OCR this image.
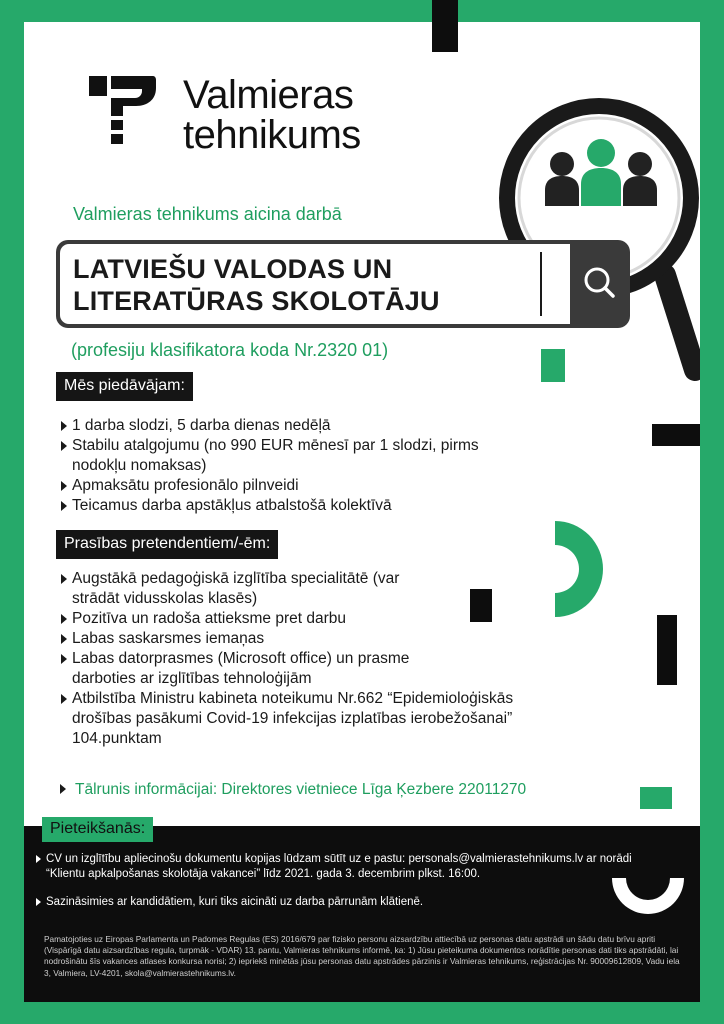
Valmieras
tehnikums
Valmieras tehnikums aicina darbā
LATVIEŠU VALODAS UN
LITERATŪRAS SKOLOTĀJU
(profesiju klasifikatora koda Nr.2320 01)
Mēs piedāvājam:
1 darba slodzi, 5 darba dienas nedēļā
Stabilu atalgojumu (no 990 EUR mēnesī par 1 slodzi, pirms nodokļu nomaksas)
Apmaksātu profesionālo pilnveidi
Teicamus darba apstākļus atbalstošā kolektīvā
Prasības pretendentiem/-ēm:
Augstākā pedagoģiskā izglītība specialitātē (var strādāt vidusskolas klasēs)
Pozitīva un radoša attieksme pret darbu
Labas saskarsmes iemaņas
Labas datorprasmes (Microsoft office) un prasme darboties ar izglītības tehnoloģijām
Atbilstība Ministru kabineta noteikumu Nr.662 “Epidemioloģiskās drošības pasākumi Covid-19 infekcijas izplatības ierobežošanai” 104.punktam
Tālrunis informācijai: Direktores vietniece Līga Ķezbere 22011270
Pieteikšanās:
CV un izglītību apliecinošu dokumentu kopijas lūdzam sūtīt uz e pastu: personals@valmierastehnikums.lv ar norādi “Klientu apkalpošanas skolotāja vakancei” līdz 2021. gada 3. decembrim plkst. 16:00.
Sazināsimies ar kandidātiem, kuri tiks aicināti uz darba pārrunām klātienē.
Pamatojoties uz Eiropas Parlamenta un Padomes Regulas (ES) 2016/679 par fizisko personu aizsardzību attiecībā uz personas datu apstrādi un šādu datu brīvu apriti (Vispārīgā datu aizsardzības regula, turpmāk - VDAR) 13. pantu, Valmieras tehnikums informē, ka: 1) Jūsu pieteikuma dokumentos norādītie personas dati tiks apstrādāti, lai nodrošinātu šīs vakances atlases konkursa norisi; 2) iepriekš minētās jūsu personas datu apstrādes pārzinis ir Valmieras tehnikums, reģistrācijas Nr. 90009612809, Vadu iela 3, Valmiera, LV-4201, skola@valmierastehnikums.lv.
